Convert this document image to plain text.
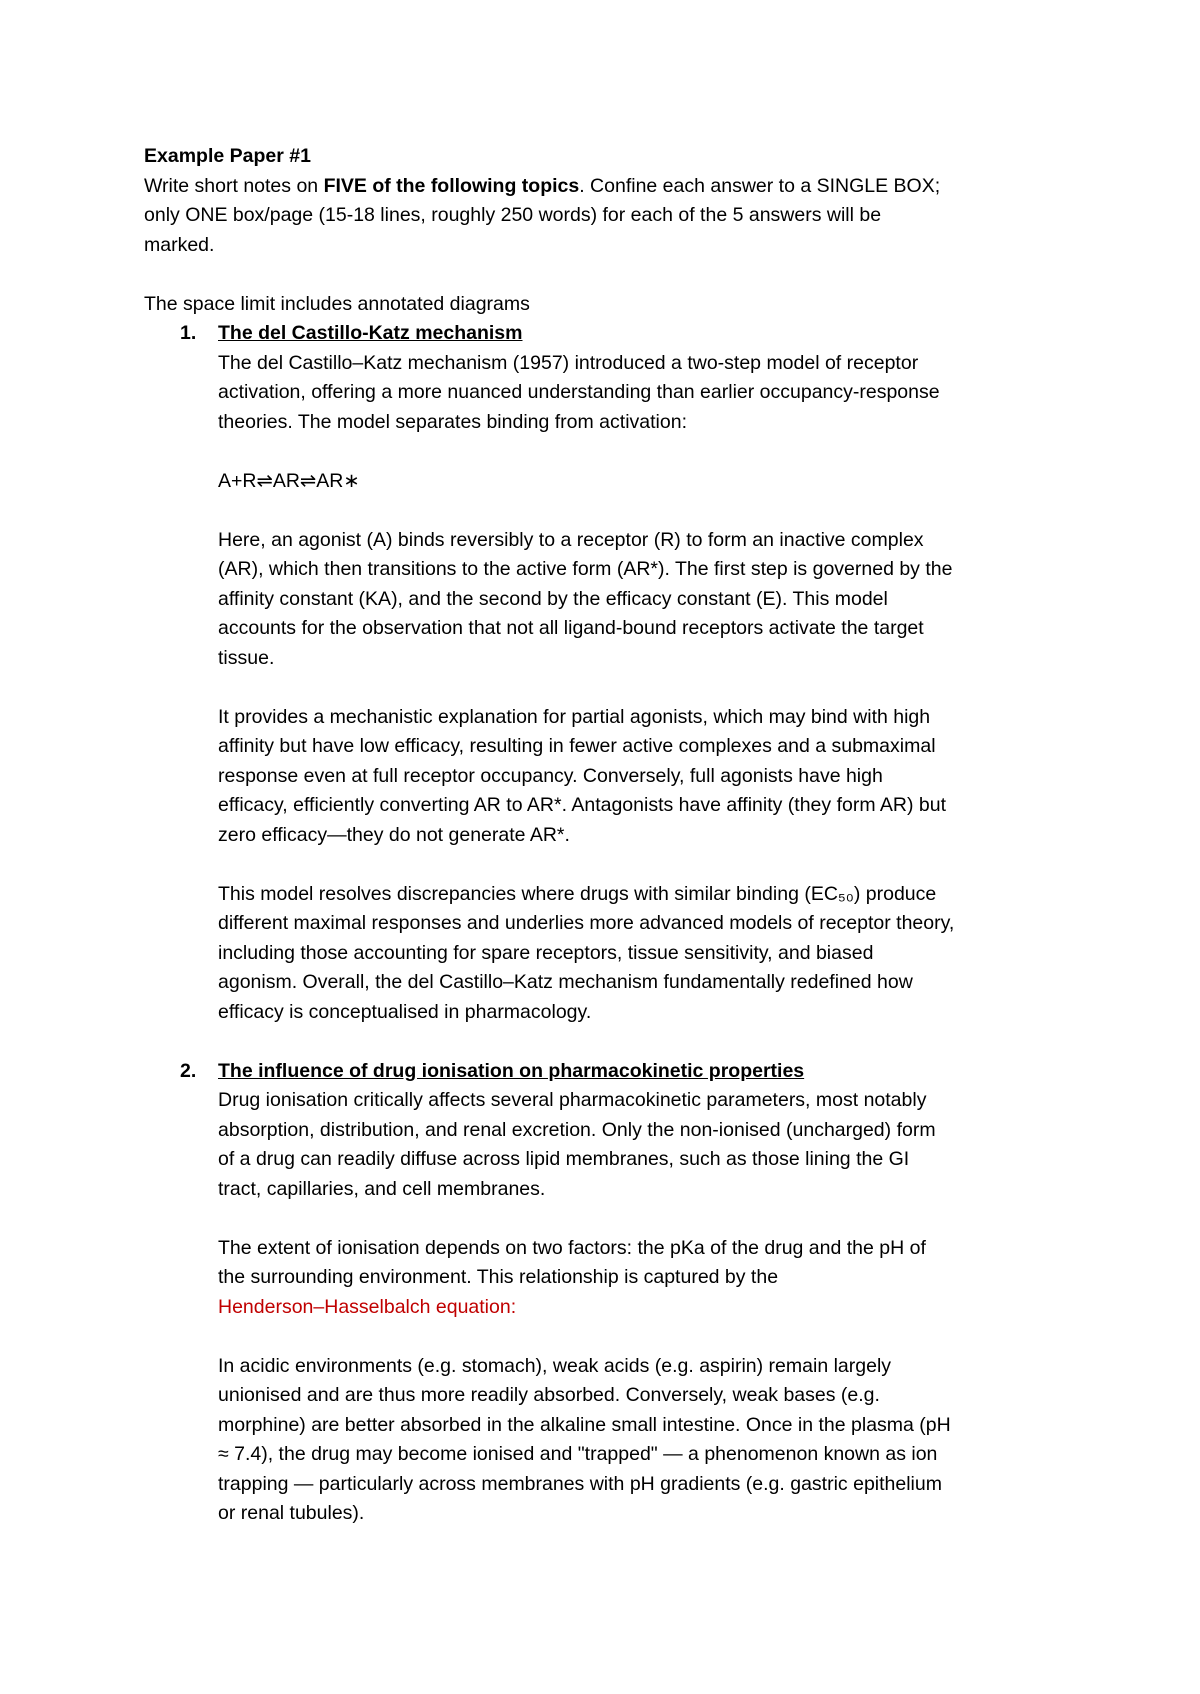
Example Paper #1
Write short notes on FIVE of the following topics. Confine each answer to a SINGLE BOX;
only ONE box/page (15-18 lines, roughly 250 words) for each of the 5 answers will be
marked.
The space limit includes annotated diagrams
1. The del Castillo-Katz mechanism
The del Castillo–Katz mechanism (1957) introduced a two-step model of receptor
activation, offering a more nuanced understanding than earlier occupancy-response
theories. The model separates binding from activation:
A+R⇌AR⇌AR∗
Here, an agonist (A) binds reversibly to a receptor (R) to form an inactive complex
(AR), which then transitions to the active form (AR*). The first step is governed by the
affinity constant (KA), and the second by the efficacy constant (E). This model
accounts for the observation that not all ligand-bound receptors activate the target
tissue.
It provides a mechanistic explanation for partial agonists, which may bind with high
affinity but have low efficacy, resulting in fewer active complexes and a submaximal
response even at full receptor occupancy. Conversely, full agonists have high
efficacy, efficiently converting AR to AR*. Antagonists have affinity (they form AR) but
zero efficacy—they do not generate AR*.
This model resolves discrepancies where drugs with similar binding (EC₅₀) produce
different maximal responses and underlies more advanced models of receptor theory,
including those accounting for spare receptors, tissue sensitivity, and biased
agonism. Overall, the del Castillo–Katz mechanism fundamentally redefined how
efficacy is conceptualised in pharmacology.
2. The influence of drug ionisation on pharmacokinetic properties
Drug ionisation critically affects several pharmacokinetic parameters, most notably
absorption, distribution, and renal excretion. Only the non-ionised (uncharged) form
of a drug can readily diffuse across lipid membranes, such as those lining the GI
tract, capillaries, and cell membranes.
The extent of ionisation depends on two factors: the pKa of the drug and the pH of
the surrounding environment. This relationship is captured by the
Henderson–Hasselbalch equation:
In acidic environments (e.g. stomach), weak acids (e.g. aspirin) remain largely
unionised and are thus more readily absorbed. Conversely, weak bases (e.g.
morphine) are better absorbed in the alkaline small intestine. Once in the plasma (pH
≈ 7.4), the drug may become ionised and "trapped" — a phenomenon known as ion
trapping — particularly across membranes with pH gradients (e.g. gastric epithelium
or renal tubules).
